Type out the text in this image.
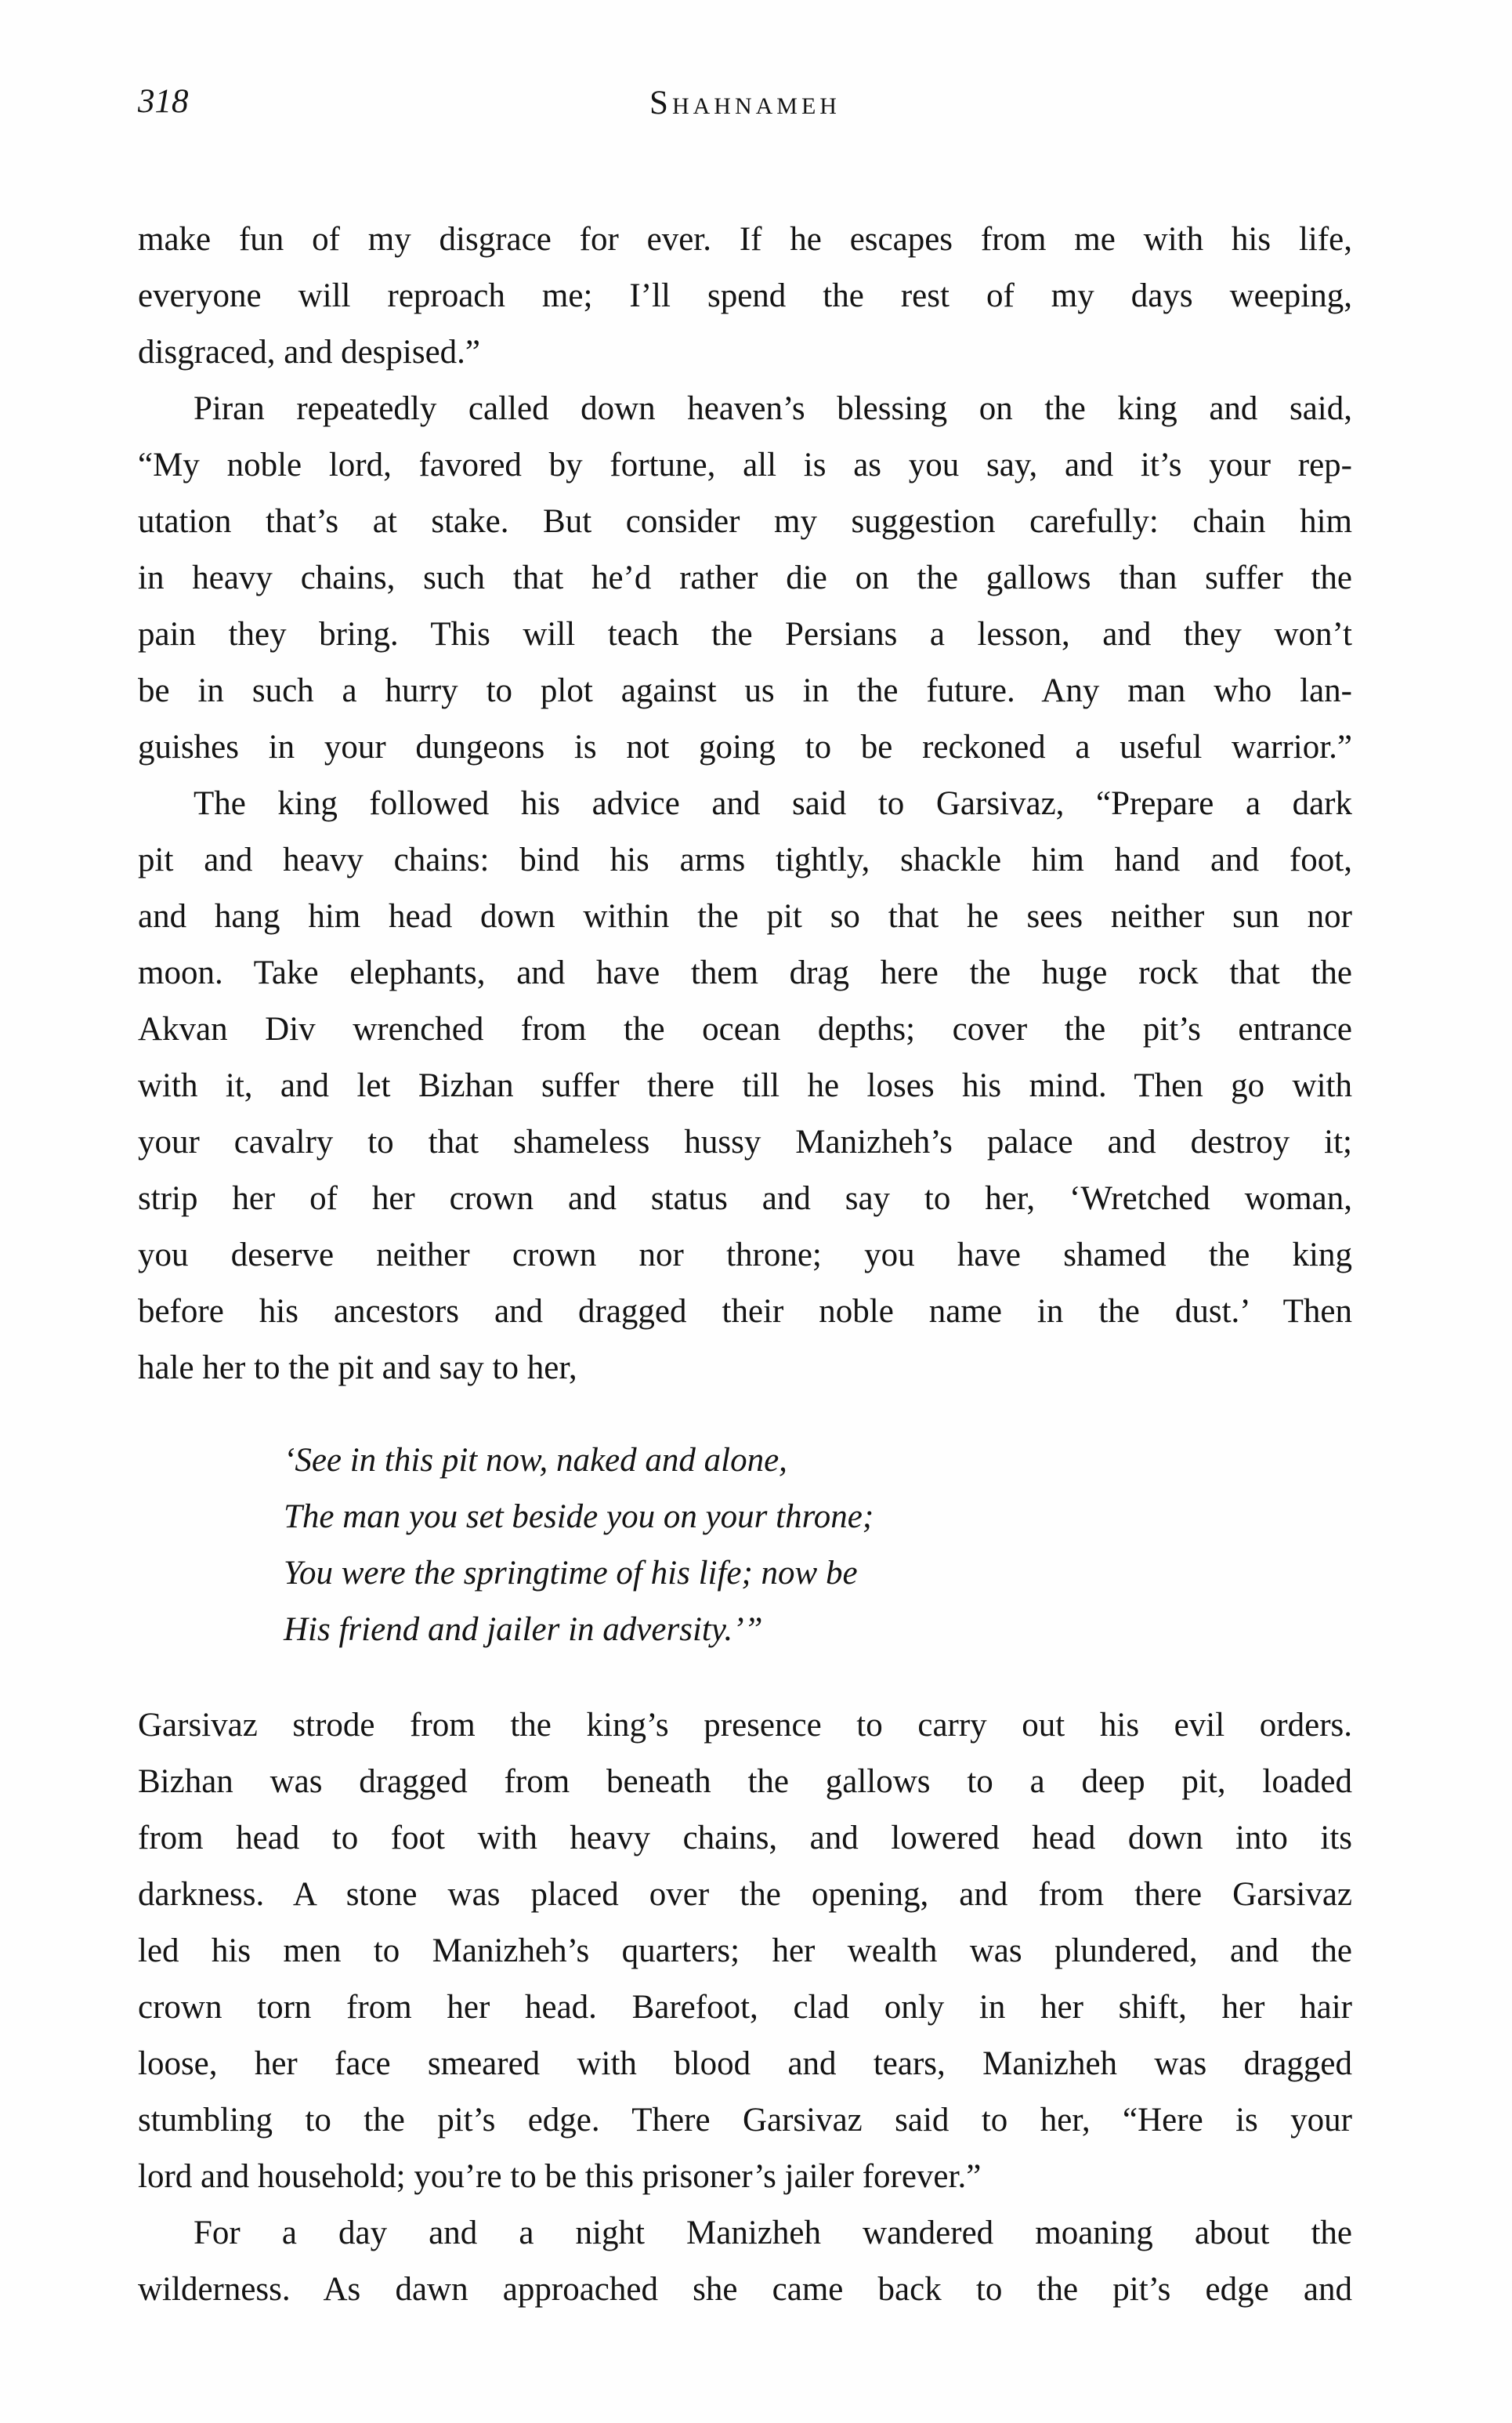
318	Shahnameh
make fun of my disgrace for ever. If he escapes from me with his life,
everyone will reproach me; I’ll spend the rest of my days weeping,
disgraced, and despised.”
Piran repeatedly called down heaven’s blessing on the king and said,
“My noble lord, favored by fortune, all is as you say, and it’s your rep-
utation that’s at stake. But consider my suggestion carefully: chain him
in heavy chains, such that he’d rather die on the gallows than suffer the
pain they bring. This will teach the Persians a lesson, and they won’t
be in such a hurry to plot against us in the future. Any man who lan-
guishes in your dungeons is not going to be reckoned a useful warrior.”
The king followed his advice and said to Garsivaz, “Prepare a dark
pit and heavy chains: bind his arms tightly, shackle him hand and foot,
and hang him head down within the pit so that he sees neither sun nor
moon. Take elephants, and have them drag here the huge rock that the
Akvan Div wrenched from the ocean depths; cover the pit’s entrance
with it, and let Bizhan suffer there till he loses his mind. Then go with
your cavalry to that shameless hussy Manizheh’s palace and destroy it;
strip her of her crown and status and say to her, ‘Wretched woman,
you deserve neither crown nor throne; you have shamed the king
before his ancestors and dragged their noble name in the dust.’ Then
hale her to the pit and say to her,
‘See in this pit now, naked and alone,
The man you set beside you on your throne;
You were the springtime of his life; now be
His friend and jailer in adversity.’”
Garsivaz strode from the king’s presence to carry out his evil orders.
Bizhan was dragged from beneath the gallows to a deep pit, loaded
from head to foot with heavy chains, and lowered head down into its
darkness. A stone was placed over the opening, and from there Garsivaz
led his men to Manizheh’s quarters; her wealth was plundered, and the
crown torn from her head. Barefoot, clad only in her shift, her hair
loose, her face smeared with blood and tears, Manizheh was dragged
stumbling to the pit’s edge. There Garsivaz said to her, “Here is your
lord and household; you’re to be this prisoner’s jailer forever.”
For a day and a night Manizheh wandered moaning about the
wilderness. As dawn approached she came back to the pit’s edge and
